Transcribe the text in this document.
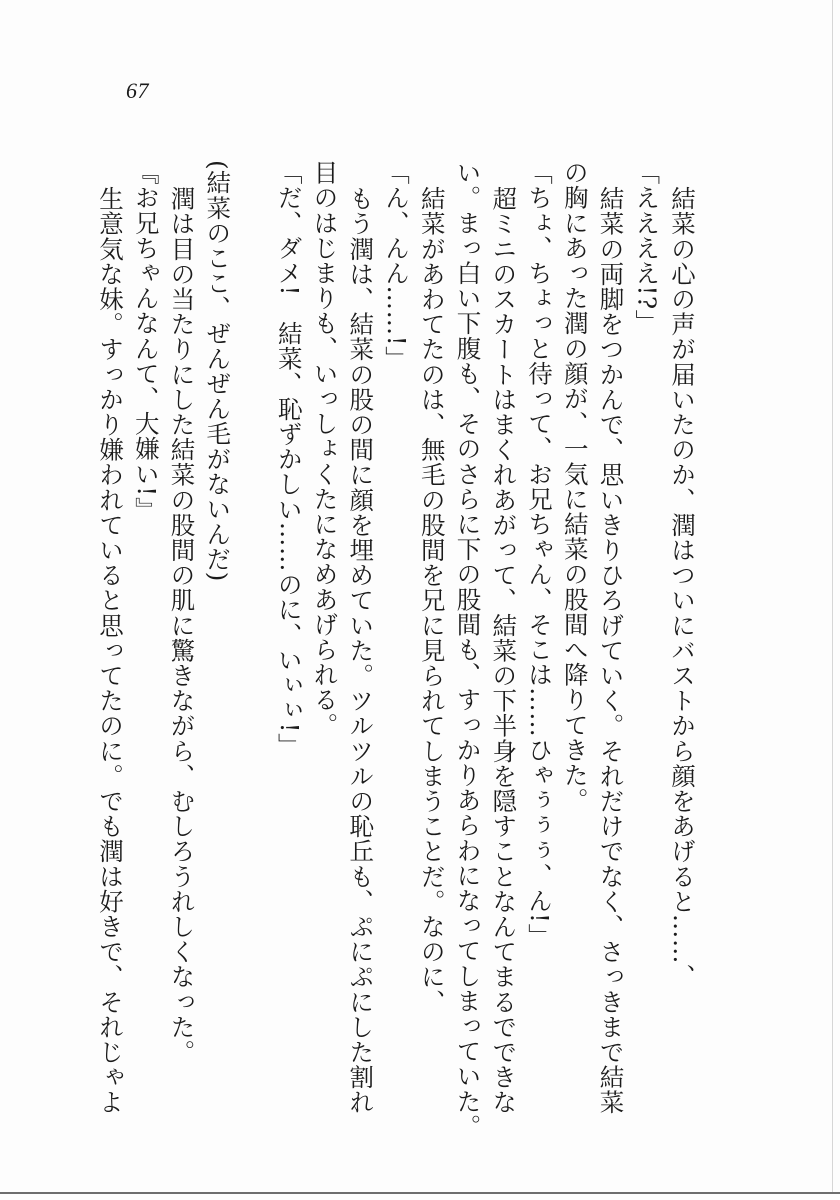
67
結菜の心の声が届いたのか、潤はついにバストから顔をあげると……、
「ええええ!?」
結菜の両脚をつかんで、思いきりひろげていく。それだけでなく、さっきまで結菜
の胸にあった潤の顔が、一気に結菜の股間へ降りてきた。
「ちょ、ちょっと待って、お兄ちゃん、そこは……ひゃぅぅぅ、ん!」
超ミニのスカートはまくれあがって、結菜の下半身を隠すことなんてまるでできな
い。まっ白い下腹も、そのさらに下の股間も、すっかりあらわになってしまっていた。
結菜があわてたのは、無毛の股間を兄に見られてしまうことだ。なのに、
「ん、んん……!」
もう潤は、結菜の股の間に顔を埋めていた。ツルツルの恥丘も、ぷにぷにした割れ
目のはじまりも、いっしょくたになめあげられる。
「だ、ダメ!　結菜、恥ずかしい……のに、いぃぃ!」
(結菜のここ、ぜんぜん毛がないんだ)
潤は目の当たりにした結菜の股間の肌に驚きながら、むしろうれしくなった。
『お兄ちゃんなんて、大嫌い!』
生意気な妹。すっかり嫌われていると思ってたのに。でも潤は好きで、それじゃよ
